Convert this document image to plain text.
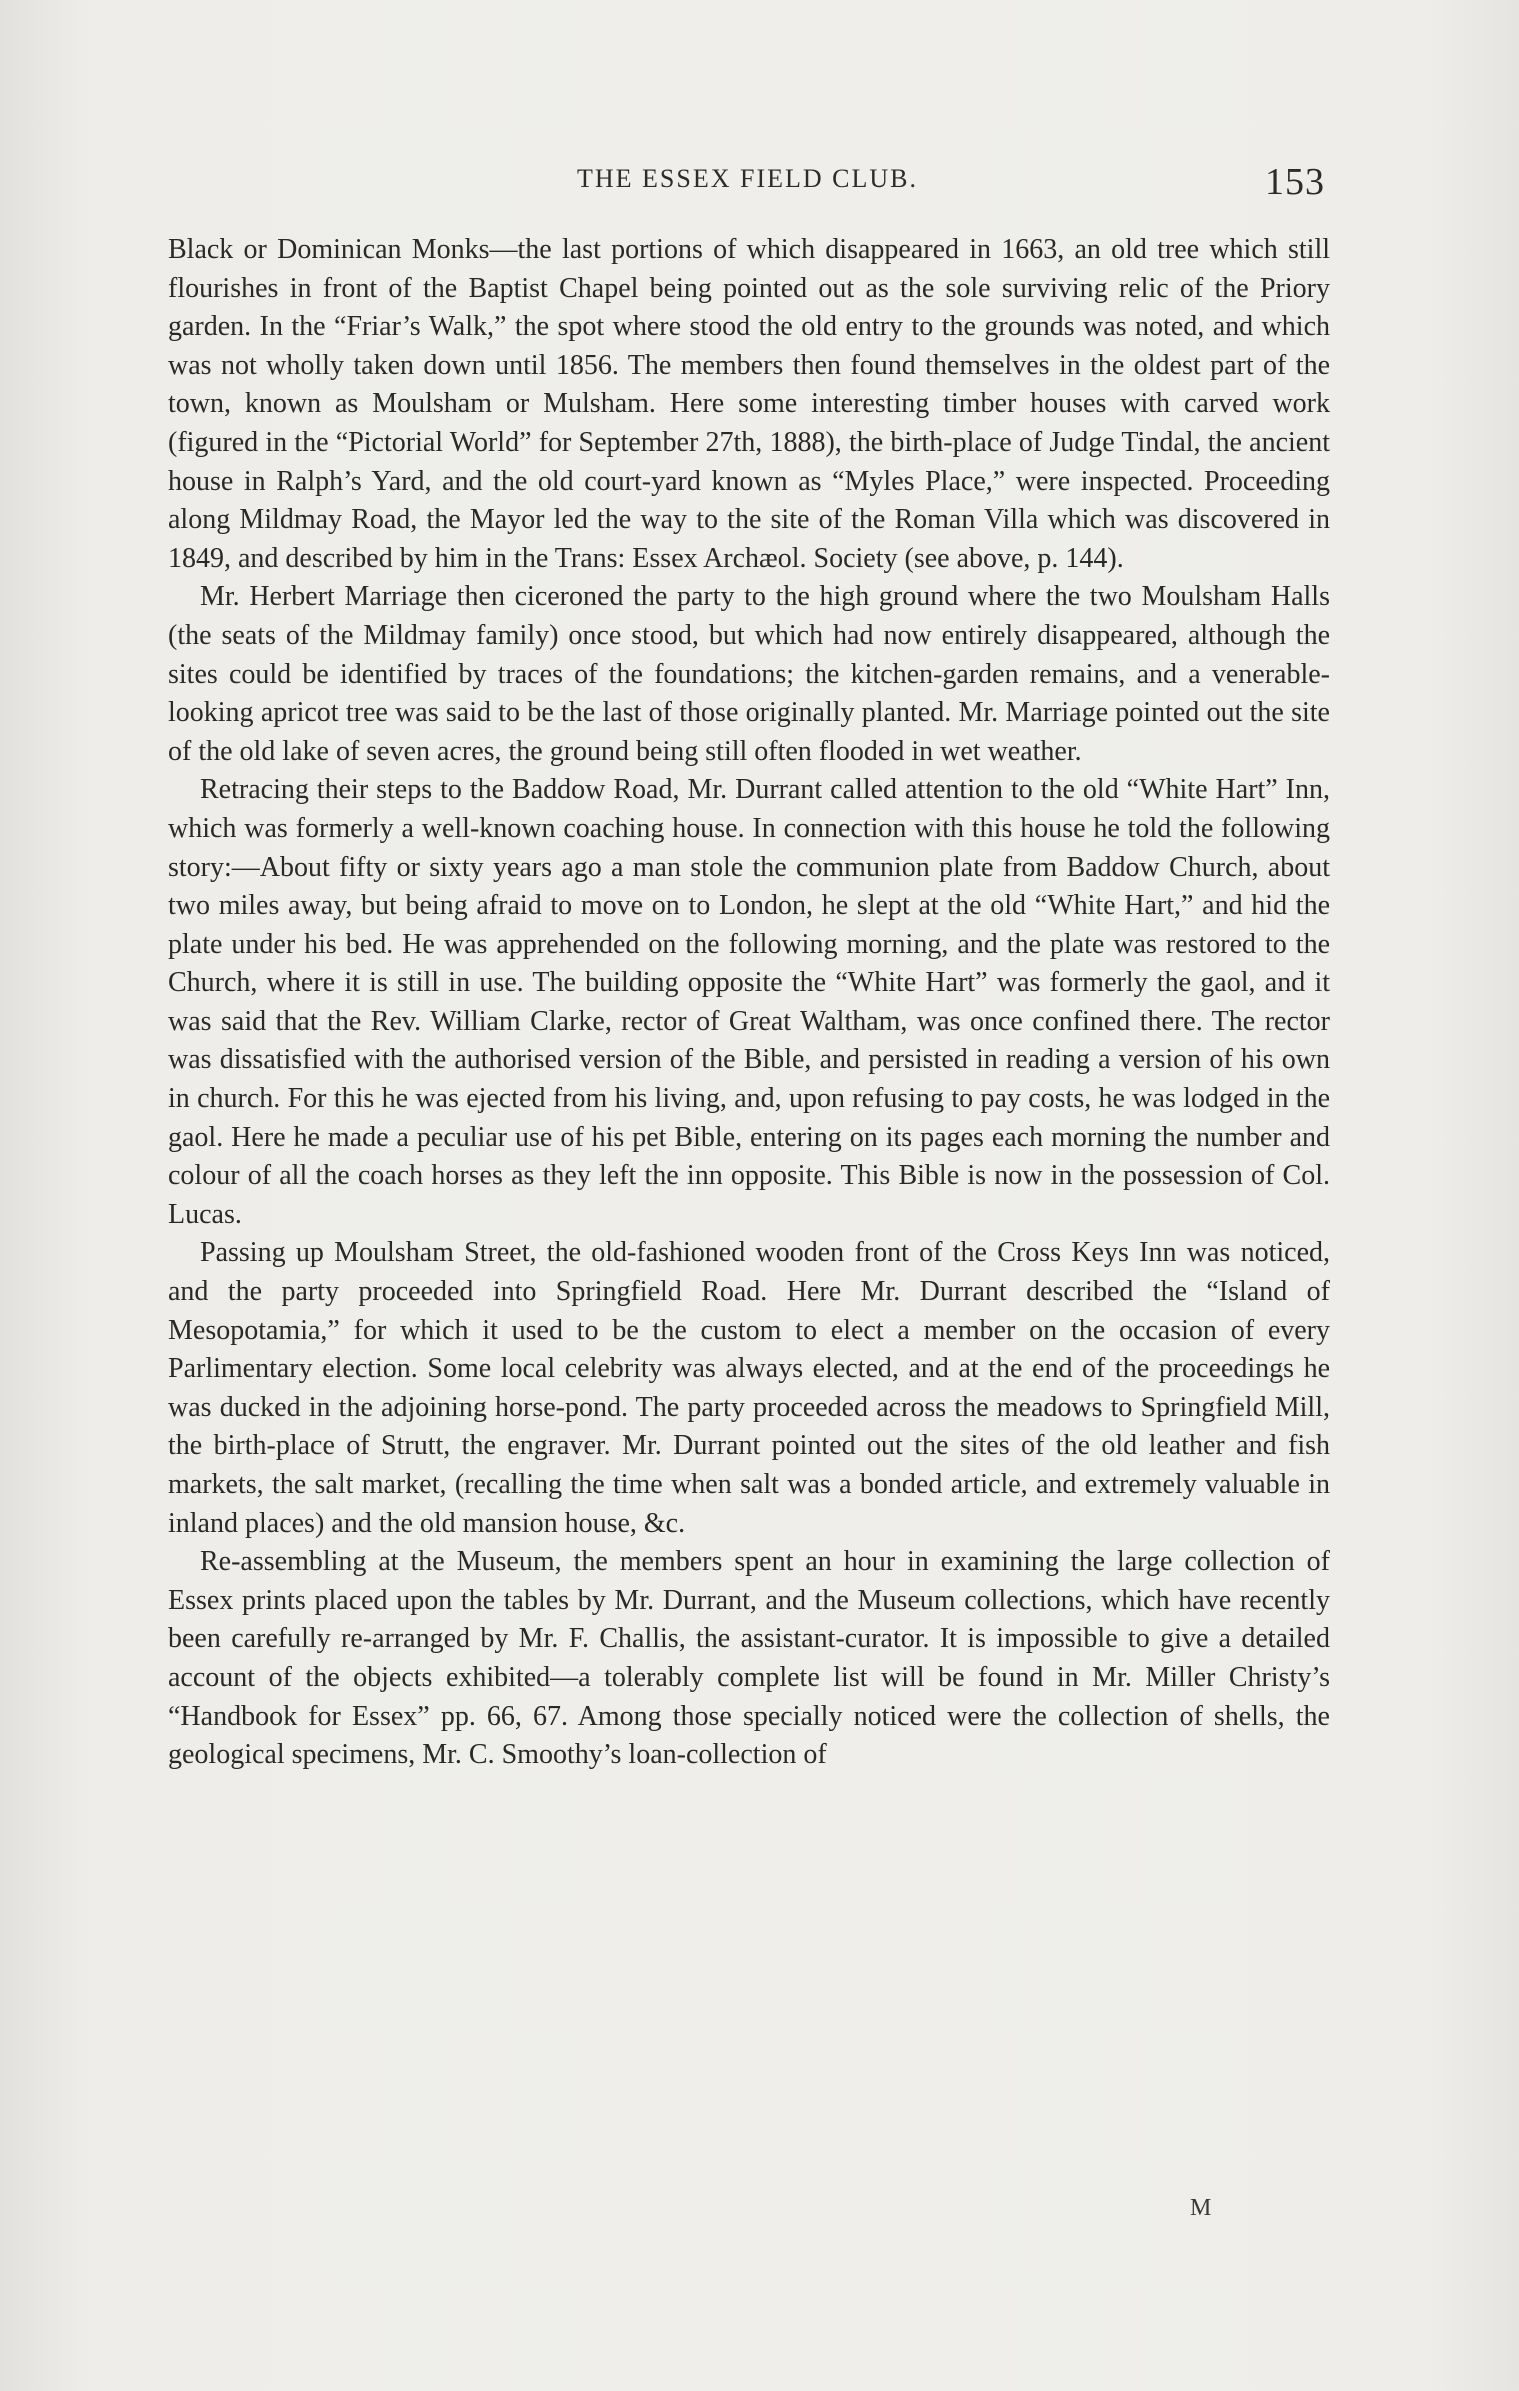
THE ESSEX FIELD CLUB.	153

Black or Dominican Monks—the last portions of which disappeared in 1663, an old tree which still flourishes in front of the Baptist Chapel being pointed out as the sole surviving relic of the Priory garden. In the “Friar’s Walk,” the spot where stood the old entry to the grounds was noted, and which was not wholly taken down until 1856. The members then found themselves in the oldest part of the town, known as Moulsham or Mulsham. Here some interesting timber houses with carved work (figured in the “Pictorial World” for September 27th, 1888), the birth-place of Judge Tindal, the ancient house in Ralph’s Yard, and the old court-yard known as “Myles Place,” were inspected. Proceeding along Mildmay Road, the Mayor led the way to the site of the Roman Villa which was discovered in 1849, and described by him in the Trans: Essex Archæol. Society (see above, p. 144).

Mr. Herbert Marriage then ciceroned the party to the high ground where the two Moulsham Halls (the seats of the Mildmay family) once stood, but which had now entirely disappeared, although the sites could be identified by traces of the foundations; the kitchen-garden remains, and a venerable-looking apricot tree was said to be the last of those originally planted. Mr. Marriage pointed out the site of the old lake of seven acres, the ground being still often flooded in wet weather.

Retracing their steps to the Baddow Road, Mr. Durrant called attention to the old “White Hart” Inn, which was formerly a well-known coaching house. In connection with this house he told the following story:—About fifty or sixty years ago a man stole the communion plate from Baddow Church, about two miles away, but being afraid to move on to London, he slept at the old “White Hart,” and hid the plate under his bed. He was apprehended on the following morning, and the plate was restored to the Church, where it is still in use. The building opposite the “White Hart” was formerly the gaol, and it was said that the Rev. William Clarke, rector of Great Waltham, was once confined there. The rector was dissatisfied with the authorised version of the Bible, and persisted in reading a version of his own in church. For this he was ejected from his living, and, upon refusing to pay costs, he was lodged in the gaol. Here he made a peculiar use of his pet Bible, entering on its pages each morning the number and colour of all the coach horses as they left the inn opposite. This Bible is now in the possession of Col. Lucas.

Passing up Moulsham Street, the old-fashioned wooden front of the Cross Keys Inn was noticed, and the party proceeded into Springfield Road. Here Mr. Durrant described the “Island of Mesopotamia,” for which it used to be the custom to elect a member on the occasion of every Parlimentary election. Some local celebrity was always elected, and at the end of the proceedings he was ducked in the adjoining horse-pond. The party proceeded across the meadows to Springfield Mill, the birth-place of Strutt, the engraver. Mr. Durrant pointed out the sites of the old leather and fish markets, the salt market, (recalling the time when salt was a bonded article, and extremely valuable in inland places) and the old mansion house, &c.

Re-assembling at the Museum, the members spent an hour in examining the large collection of Essex prints placed upon the tables by Mr. Durrant, and the Museum collections, which have recently been carefully re-arranged by Mr. F. Challis, the assistant-curator. It is impossible to give a detailed account of the objects exhibited—a tolerably complete list will be found in Mr. Miller Christy’s “Handbook for Essex” pp. 66, 67. Among those specially noticed were the collection of shells, the geological specimens, Mr. C. Smoothy’s loan-collection of

M
